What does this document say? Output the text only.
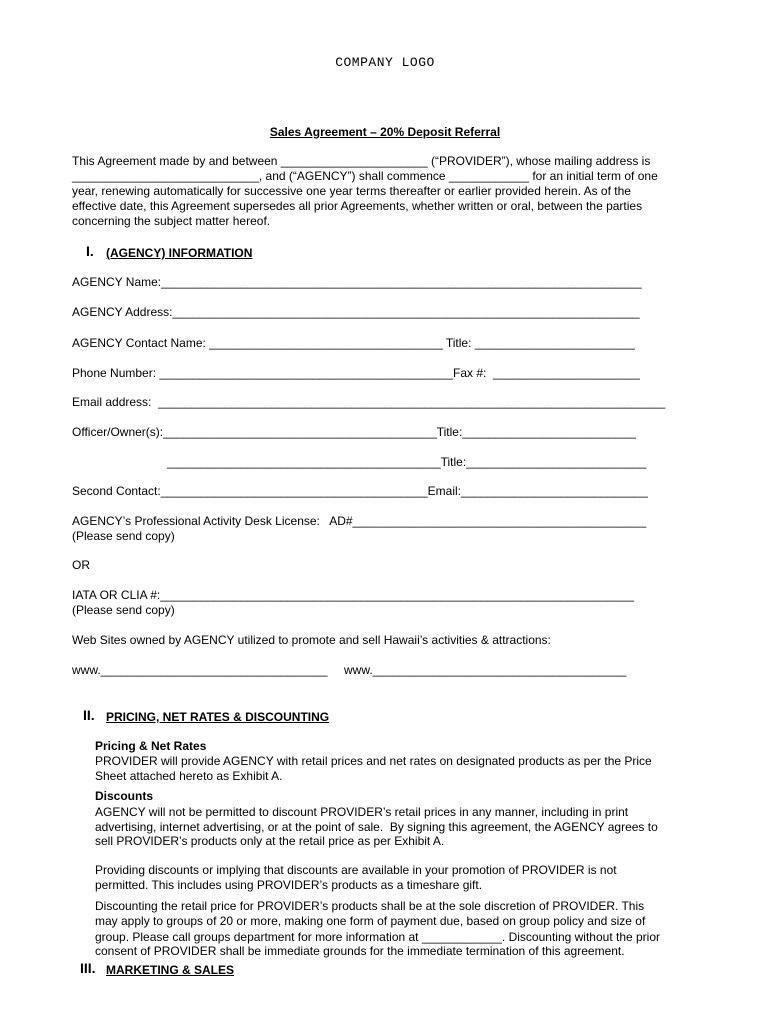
COMPANY LOGO
Sales Agreement – 20% Deposit Referral
This Agreement made by and between ______________________ (“PROVIDER”), whose mailing address is
____________________________, and (“AGENCY”) shall commence ____________ for an initial term of one
year, renewing automatically for successive one year terms thereafter or earlier provided herein. As of the
effective date, this Agreement supersedes all prior Agreements, whether written or oral, between the parties
concerning the subject matter hereof.
I. (AGENCY) INFORMATION
AGENCY Name:________________________________________________________________________
AGENCY Address:______________________________________________________________________
AGENCY Contact Name: ___________________________________ Title: ________________________
Phone Number: ____________________________________________Fax #:  ______________________
Email address:  ____________________________________________________________________________
Officer/Owner(s):_________________________________________Title:__________________________
_________________________________________Title:___________________________
Second Contact:________________________________________Email:____________________________
AGENCY’s Professional Activity Desk License:   AD#____________________________________________
(Please send copy)
OR
IATA OR CLIA #:_______________________________________________________________________
(Please send copy)
Web Sites owned by AGENCY utilized to promote and sell Hawaii’s activities & attractions:
www.__________________________________ www.______________________________________
II. PRICING, NET RATES & DISCOUNTING
Pricing & Net Rates
PROVIDER will provide AGENCY with retail prices and net rates on designated products as per the Price
Sheet attached hereto as Exhibit A.
Discounts
AGENCY will not be permitted to discount PROVIDER’s retail prices in any manner, including in print
advertising, internet advertising, or at the point of sale.  By signing this agreement, the AGENCY agrees to
sell PROVIDER’s products only at the retail price as per Exhibit A.
Providing discounts or implying that discounts are available in your promotion of PROVIDER is not
permitted. This includes using PROVIDER’s products as a timeshare gift.
Discounting the retail price for PROVIDER’s products shall be at the sole discretion of PROVIDER. This
may apply to groups of 20 or more, making one form of payment due, based on group policy and size of
group. Please call groups department for more information at ____________. Discounting without the prior
consent of PROVIDER shall be immediate grounds for the immediate termination of this agreement.
III. MARKETING & SALES
